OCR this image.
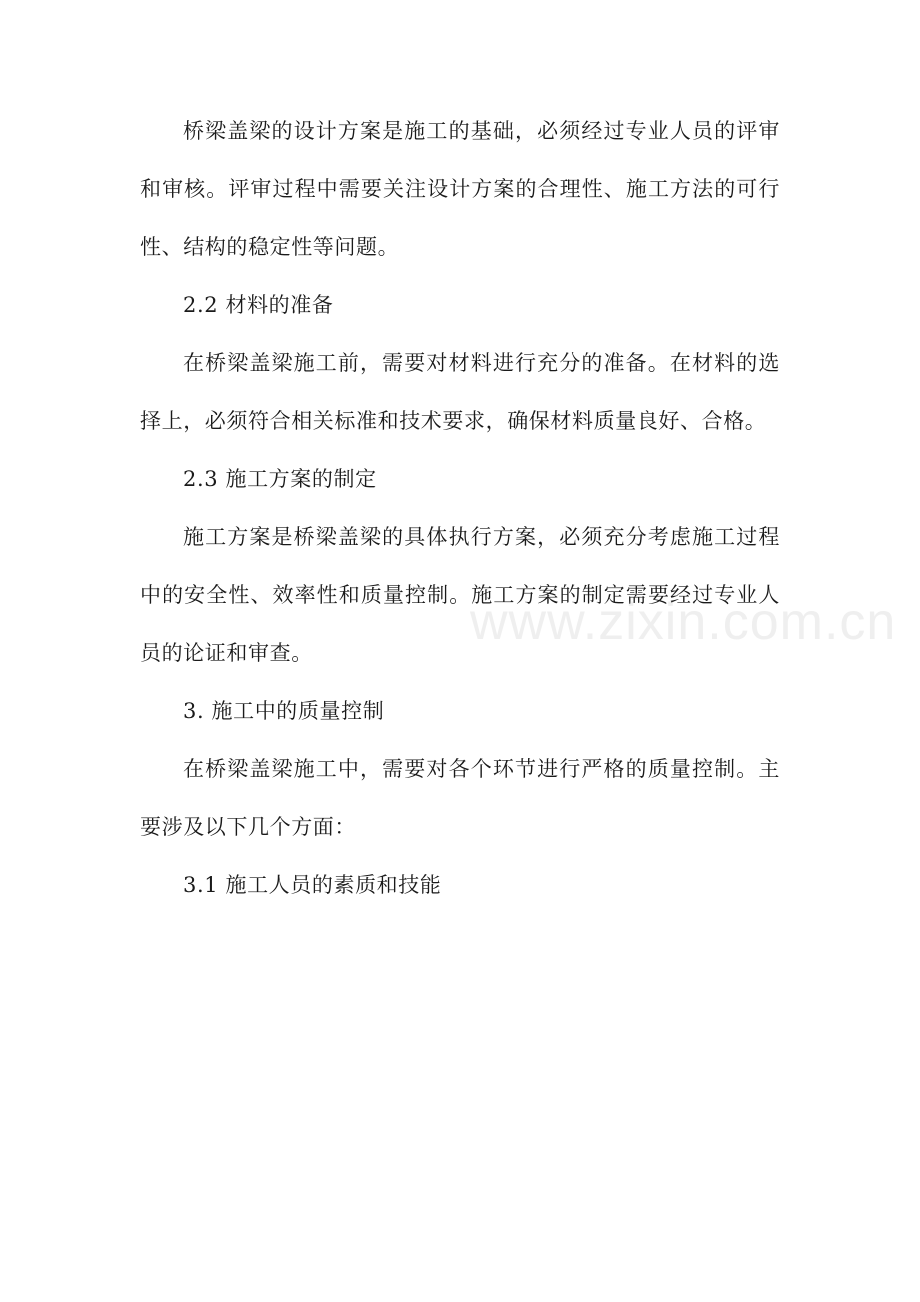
桥梁盖梁的设计方案是施工的基础，必须经过专业人员的评审和审核。评审过程中需要关注设计方案的合理性、施工方法的可行性、结构的稳定性等问题。

2.2 材料的准备

在桥梁盖梁施工前，需要对材料进行充分的准备。在材料的选择上，必须符合相关标准和技术要求，确保材料质量良好、合格。

2.3 施工方案的制定

施工方案是桥梁盖梁的具体执行方案，必须充分考虑施工过程中的安全性、效率性和质量控制。施工方案的制定需要经过专业人员的论证和审查。

3. 施工中的质量控制

在桥梁盖梁施工中，需要对各个环节进行严格的质量控制。主要涉及以下几个方面：

3.1 施工人员的素质和技能

www.zixin.com.cn
